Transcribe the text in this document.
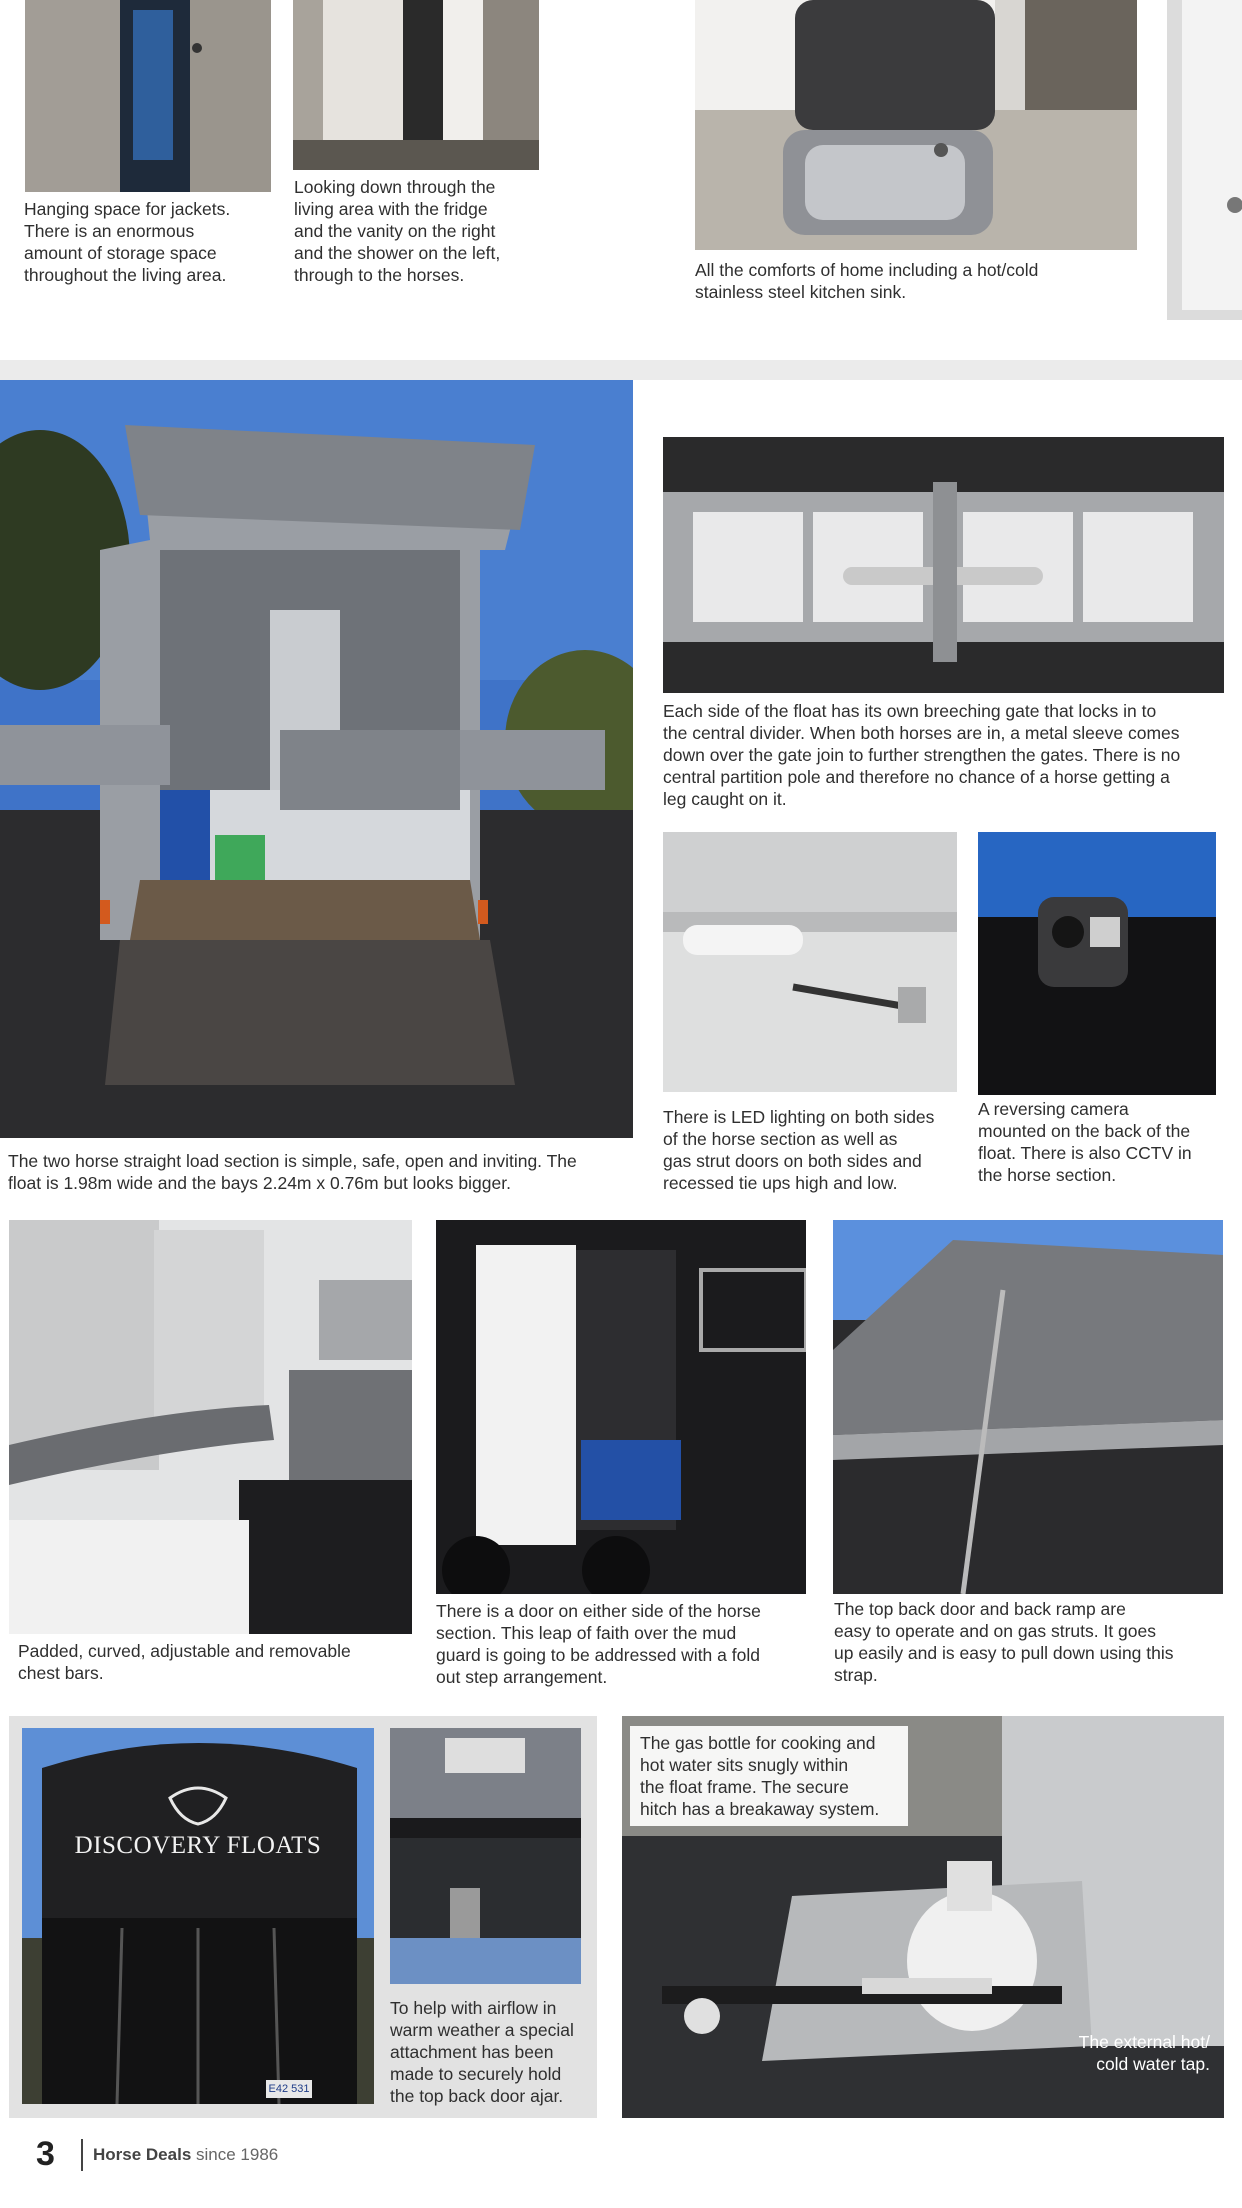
Hanging space for jackets.
There is an enormous
amount of storage space
throughout the living area.

Looking down through the
living area with the fridge
and the vanity on the right
and the shower on the left,
through to the horses.	All the comforts of home including a hot/cold
stainless steel kitchen sink.

The two horse straight load section is simple, safe, open and inviting. The
float is 1.98m wide and the bays 2.24m x 0.76m but looks bigger.

Each side of the float has its own breeching gate that locks in to
the central divider. When both horses are in, a metal sleeve comes
down over the gate join to further strengthen the gates. There is no
central partition pole and therefore no chance of a horse getting a
leg caught on it.

There is LED lighting on both sides
of the horse section as well as
gas strut doors on both sides and
recessed tie ups high and low.

A reversing camera
mounted on the back of the
float. There is also CCTV in
the horse section.

Padded, curved, adjustable and removable
chest bars.

There is a door on either side of the horse
section. This leap of faith over the mud
guard is going to be addressed with a fold
out step arrangement.

The top back door and back ramp are
easy to operate and on gas struts. It goes
up easily and is easy to pull down using this
strap.

DISCOVERY FLOATS
E42 531

To help with airflow in
warm weather a special
attachment has been
made to securely hold
the top back door ajar.

The gas bottle for cooking and
hot water sits snugly within
the float frame. The secure
hitch has a breakaway system.

The external hot/
cold water tap.

3 Horse Deals since 1986
